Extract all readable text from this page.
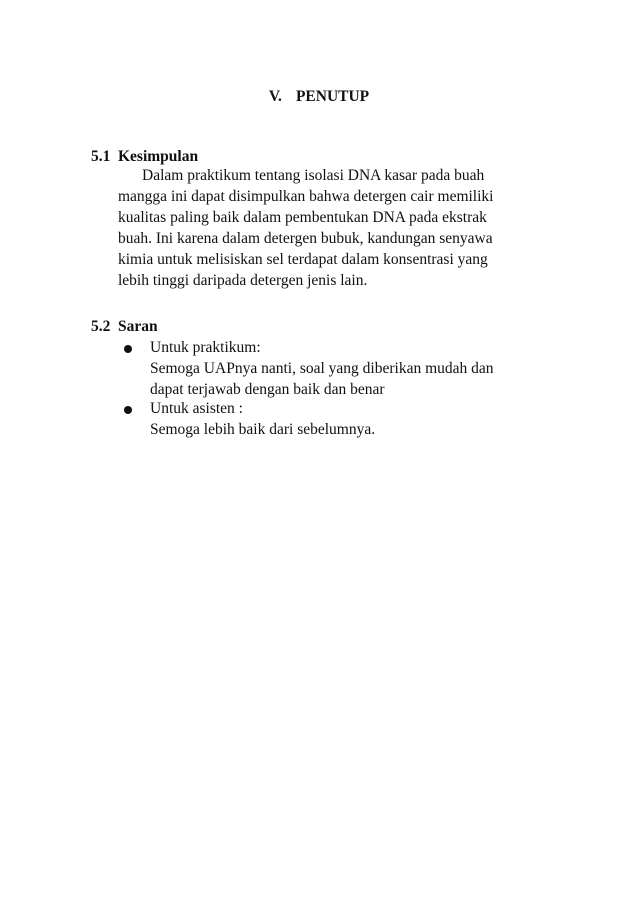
V. PENUTUP
5.1 Kesimpulan
Dalam praktikum tentang isolasi DNA kasar pada buah
mangga ini dapat disimpulkan bahwa detergen cair memiliki
kualitas paling baik dalam pembentukan DNA pada ekstrak
buah. Ini karena dalam detergen bubuk, kandungan senyawa
kimia untuk melisiskan sel terdapat dalam konsentrasi yang
lebih tinggi daripada detergen jenis lain.
5.2 Saran
Untuk praktikum:
Semoga UAPnya nanti, soal yang diberikan mudah dan
dapat terjawab dengan baik dan benar
Untuk asisten :
Semoga lebih baik dari sebelumnya.
